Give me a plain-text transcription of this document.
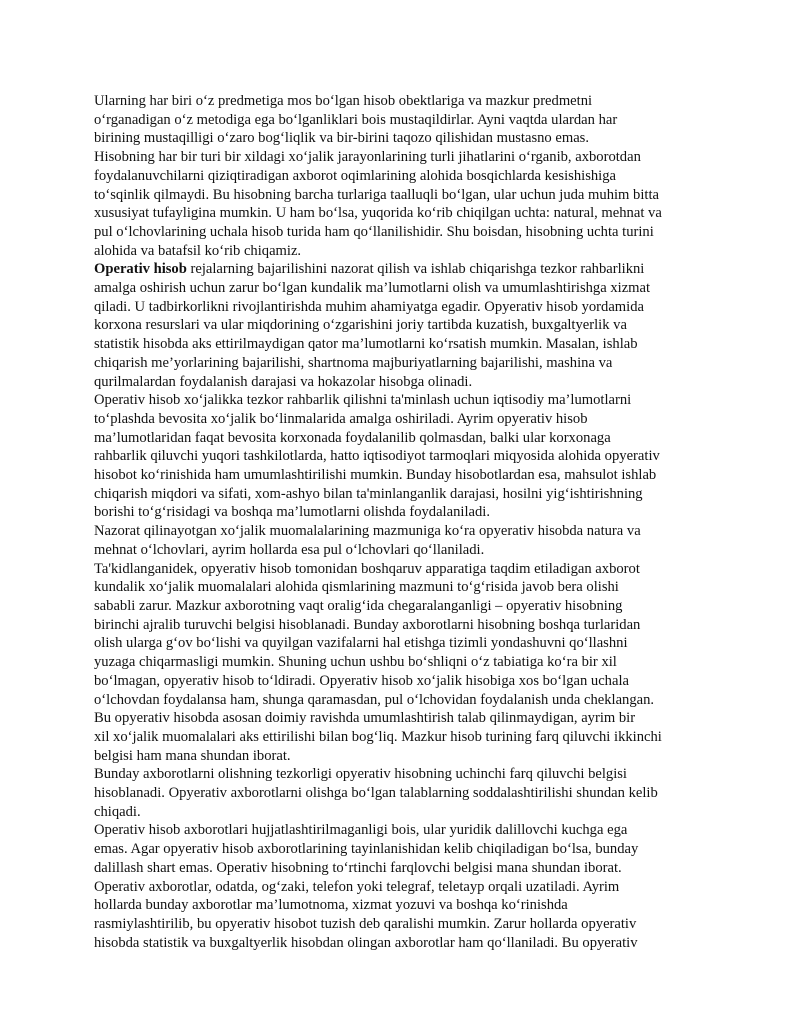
Ularning har biri o‘z predmetiga mos bo‘lgan hisob obektlariga va mazkur predmetni
o‘rganadigan o‘z metodiga ega bo‘lganliklari bois mustaqildirlar. Ayni vaqtda ulardan har
birining mustaqilligi o‘zaro bog‘liqlik va bir-birini taqozo qilishidan mustasno emas.
Hisobning har bir turi bir xildagi xo‘jalik jarayonlarining turli jihatlarini o‘rganib, axborotdan
foydalanuvchilarni qiziqtiradigan axborot oqimlarining alohida bosqichlarda kesishishiga
to‘sqinlik qilmaydi. Bu hisobning barcha turlariga taalluqli bo‘lgan, ular uchun juda muhim bitta
xususiyat tufayligina mumkin. U ham bo‘lsa, yuqorida ko‘rib chiqilgan uchta: natural, mehnat va
pul o‘lchovlarining uchala hisob turida ham qo‘llanilishidir. Shu boisdan, hisobning uchta turini
alohida va batafsil ko‘rib chiqamiz.
Operativ hisob rejalarning bajarilishini nazorat qilish va ishlab chiqarishga tezkor rahbarlikni
amalga oshirish uchun zarur bo‘lgan kundalik ma’lumotlarni olish va umumlashtirishga xizmat
qiladi. U tadbirkorlikni rivojlantirishda muhim ahamiyatga egadir. Opyerativ hisob yordamida
korxona resurslari va ular miqdorining o‘zgarishini joriy tartibda kuzatish, buxgaltyerlik va
statistik hisobda aks ettirilmaydigan qator ma’lumotlarni ko‘rsatish mumkin. Masalan, ishlab
chiqarish me’yorlarining bajarilishi, shartnoma majburiyatlarning bajarilishi, mashina va
qurilmalardan foydalanish darajasi va hokazolar hisobga olinadi.
Operativ hisob xo‘jalikka tezkor rahbarlik qilishni ta'minlash uchun iqtisodiy ma’lumotlarni
to‘plashda bevosita xo‘jalik bo‘linmalarida amalga oshiriladi. Ayrim opyerativ hisob
ma’lumotlaridan faqat bevosita korxonada foydalanilib qolmasdan, balki ular korxonaga
rahbarlik qiluvchi yuqori tashkilotlarda, hatto iqtisodiyot tarmoqlari miqyosida alohida opyerativ
hisobot ko‘rinishida ham umumlashtirilishi mumkin. Bunday hisobotlardan esa, mahsulot ishlab
chiqarish miqdori va sifati, xom-ashyo bilan ta'minlanganlik darajasi, hosilni yig‘ishtirishning
borishi to‘g‘risidagi va boshqa ma’lumotlarni olishda foydalaniladi.
Nazorat qilinayotgan xo‘jalik muomalalarining mazmuniga ko‘ra opyerativ hisobda natura va
mehnat o‘lchovlari, ayrim hollarda esa pul o‘lchovlari qo‘llaniladi.
Ta'kidlanganidek, opyerativ hisob tomonidan boshqaruv apparatiga taqdim etiladigan axborot
kundalik xo‘jalik muomalalari alohida qismlarining mazmuni to‘g‘risida javob bera olishi
sababli zarur. Mazkur axborotning vaqt oralig‘ida chegaralanganligi – opyerativ hisobning
birinchi ajralib turuvchi belgisi hisoblanadi. Bunday axborotlarni hisobning boshqa turlaridan
olish ularga g‘ov bo‘lishi va quyilgan vazifalarni hal etishga tizimli yondashuvni qo‘llashni
yuzaga chiqarmasligi mumkin. Shuning uchun ushbu bo‘shliqni o‘z tabiatiga ko‘ra bir xil
bo‘lmagan, opyerativ hisob to‘ldiradi. Opyerativ hisob xo‘jalik hisobiga xos bo‘lgan uchala
o‘lchovdan foydalansa ham, shunga qaramasdan, pul o‘lchovidan foydalanish unda cheklangan.
Bu opyerativ hisobda asosan doimiy ravishda umumlashtirish talab qilinmaydigan, ayrim bir
xil xo‘jalik muomalalari aks ettirilishi bilan bog‘liq. Mazkur hisob turining farq qiluvchi ikkinchi
belgisi ham mana shundan iborat.
Bunday axborotlarni olishning tezkorligi opyerativ hisobning uchinchi farq qiluvchi belgisi
hisoblanadi. Opyerativ axborotlarni olishga bo‘lgan talablarning soddalashtirilishi shundan kelib
chiqadi.
Operativ hisob axborotlari hujjatlashtirilmaganligi bois, ular yuridik dalillovchi kuchga ega
emas. Agar opyerativ hisob axborotlarining tayinlanishidan kelib chiqiladigan bo‘lsa, bunday
dalillash shart emas. Operativ hisobning to‘rtinchi farqlovchi belgisi mana shundan iborat.
Operativ axborotlar, odatda, og‘zaki, telefon yoki telegraf, teletayp orqali uzatiladi. Ayrim
hollarda bunday axborotlar ma’lumotnoma, xizmat yozuvi va boshqa ko‘rinishda
rasmiylashtirilib, bu opyerativ hisobot tuzish deb qaralishi mumkin. Zarur hollarda opyerativ
hisobda statistik va buxgaltyerlik hisobdan olingan axborotlar ham qo‘llaniladi. Bu opyerativ
